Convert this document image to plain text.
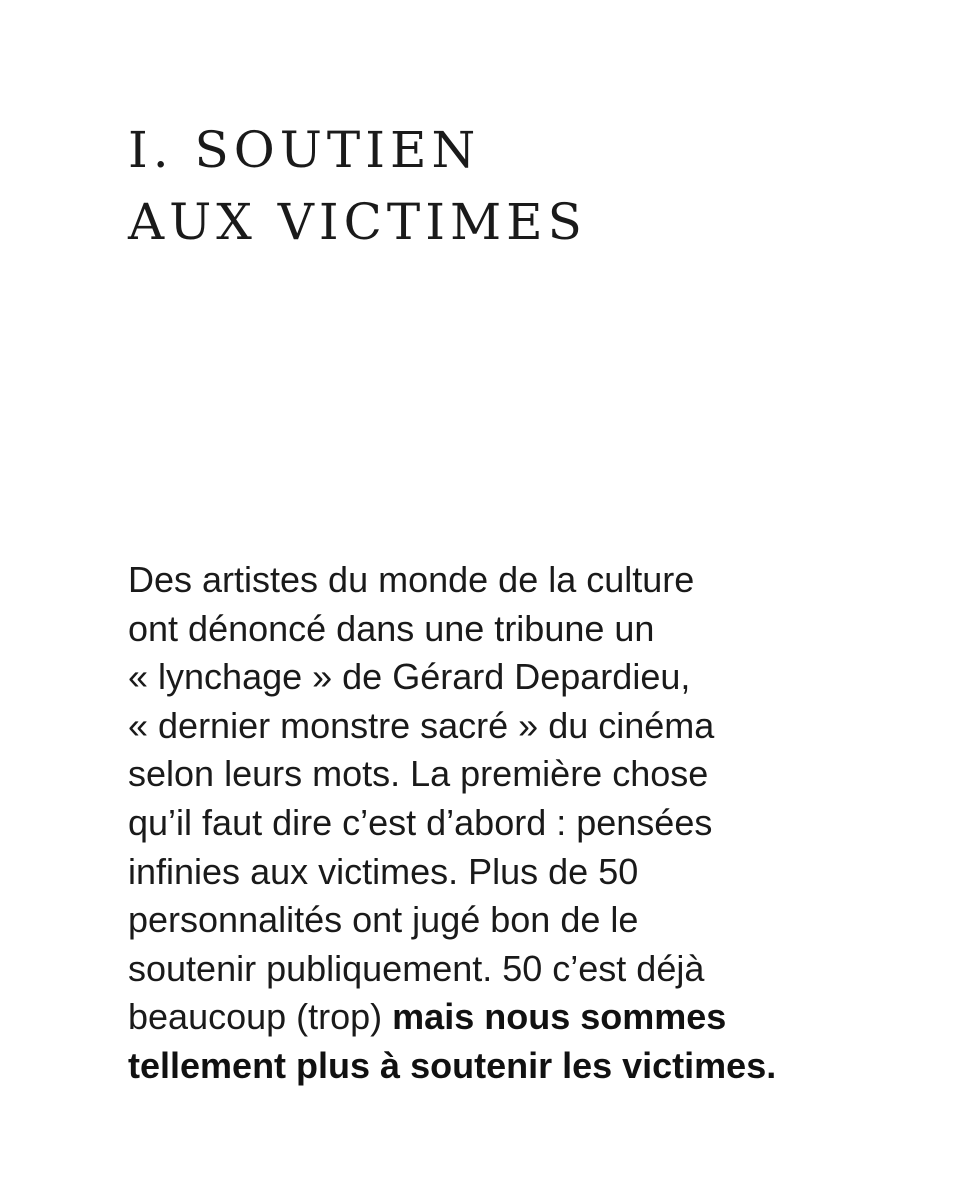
I. SOUTIEN
AUX VICTIMES

Des artistes du monde de la culture
ont dénoncé dans une tribune un
« lynchage » de Gérard Depardieu,
« dernier monstre sacré » du cinéma
selon leurs mots. La première chose
qu’il faut dire c’est d’abord : pensées
infinies aux victimes. Plus de 50
personnalités ont jugé bon de le
soutenir publiquement. 50 c’est déjà
beaucoup (trop) mais nous sommes
tellement plus à soutenir les victimes.
